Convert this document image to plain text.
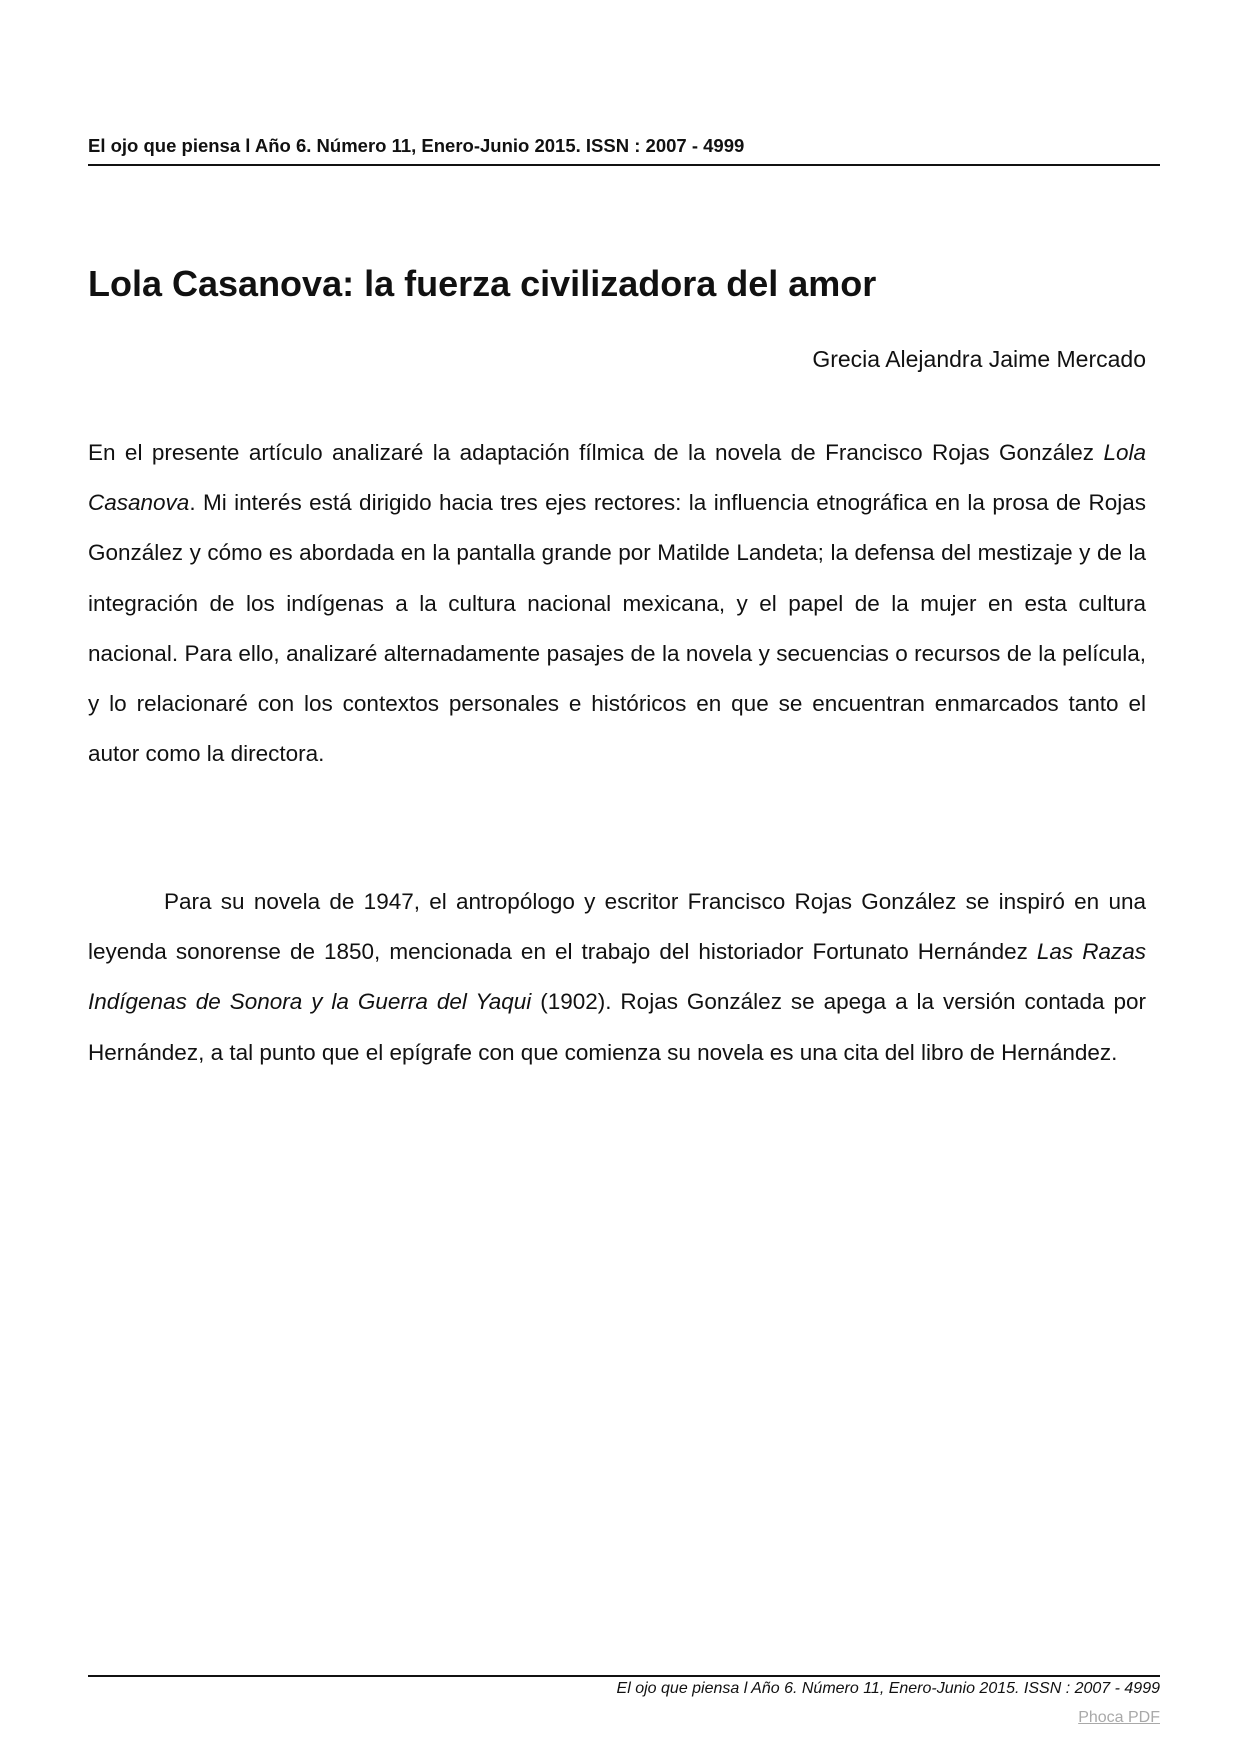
El ojo que piensa l Año 6. Número 11, Enero-Junio 2015. ISSN : 2007 - 4999
Lola Casanova: la fuerza civilizadora del amor
Grecia Alejandra Jaime Mercado

En el presente artículo analizaré la adaptación fílmica de la novela de Francisco Rojas González Lola Casanova. Mi interés está dirigido hacia tres ejes rectores: la influencia etnográfica en la prosa de Rojas González y cómo es abordada en la pantalla grande por Matilde Landeta; la defensa del mestizaje y de la integración de los indígenas a la cultura nacional mexicana, y el papel de la mujer en esta cultura nacional. Para ello, analizaré alternadamente pasajes de la novela y secuencias o recursos de la película, y lo relacionaré con los contextos personales e históricos en que se encuentran enmarcados tanto el autor como la directora.

Para su novela de 1947, el antropólogo y escritor Francisco Rojas González se inspiró en una leyenda sonorense de 1850, mencionada en el trabajo del historiador Fortunato Hernández Las Razas Indígenas de Sonora y la Guerra del Yaqui (1902). Rojas González se apega a la versión contada por Hernández, a tal punto que el epígrafe con que comienza su novela es una cita del libro de Hernández.

El ojo que piensa l Año 6. Número 11, Enero-Junio 2015. ISSN : 2007 - 4999
Phoca PDF
